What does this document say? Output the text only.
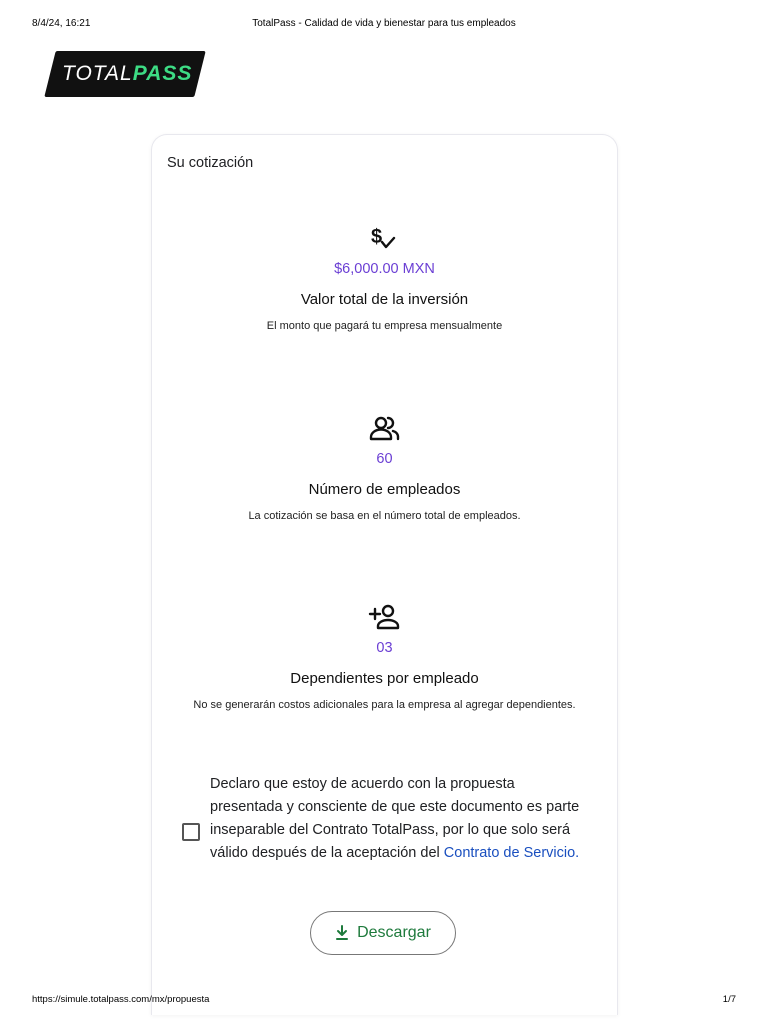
8/4/24, 16:21	TotalPass - Calidad de vida y bienestar para tus empleados
TOTALPASS
Su cotización
$
$6,000.00 MXN
Valor total de la inversión
El monto que pagará tu empresa mensualmente
60
Número de empleados
La cotización se basa en el número total de empleados.
03
Dependientes por empleado
No se generarán costos adicionales para la empresa al agregar dependientes.
Declaro que estoy de acuerdo con la propuesta presentada y consciente de que este documento es parte inseparable del Contrato TotalPass, por lo que solo será válido después de la aceptación del Contrato de Servicio.
Descargar
https://simule.totalpass.com/mx/propuesta	1/7
